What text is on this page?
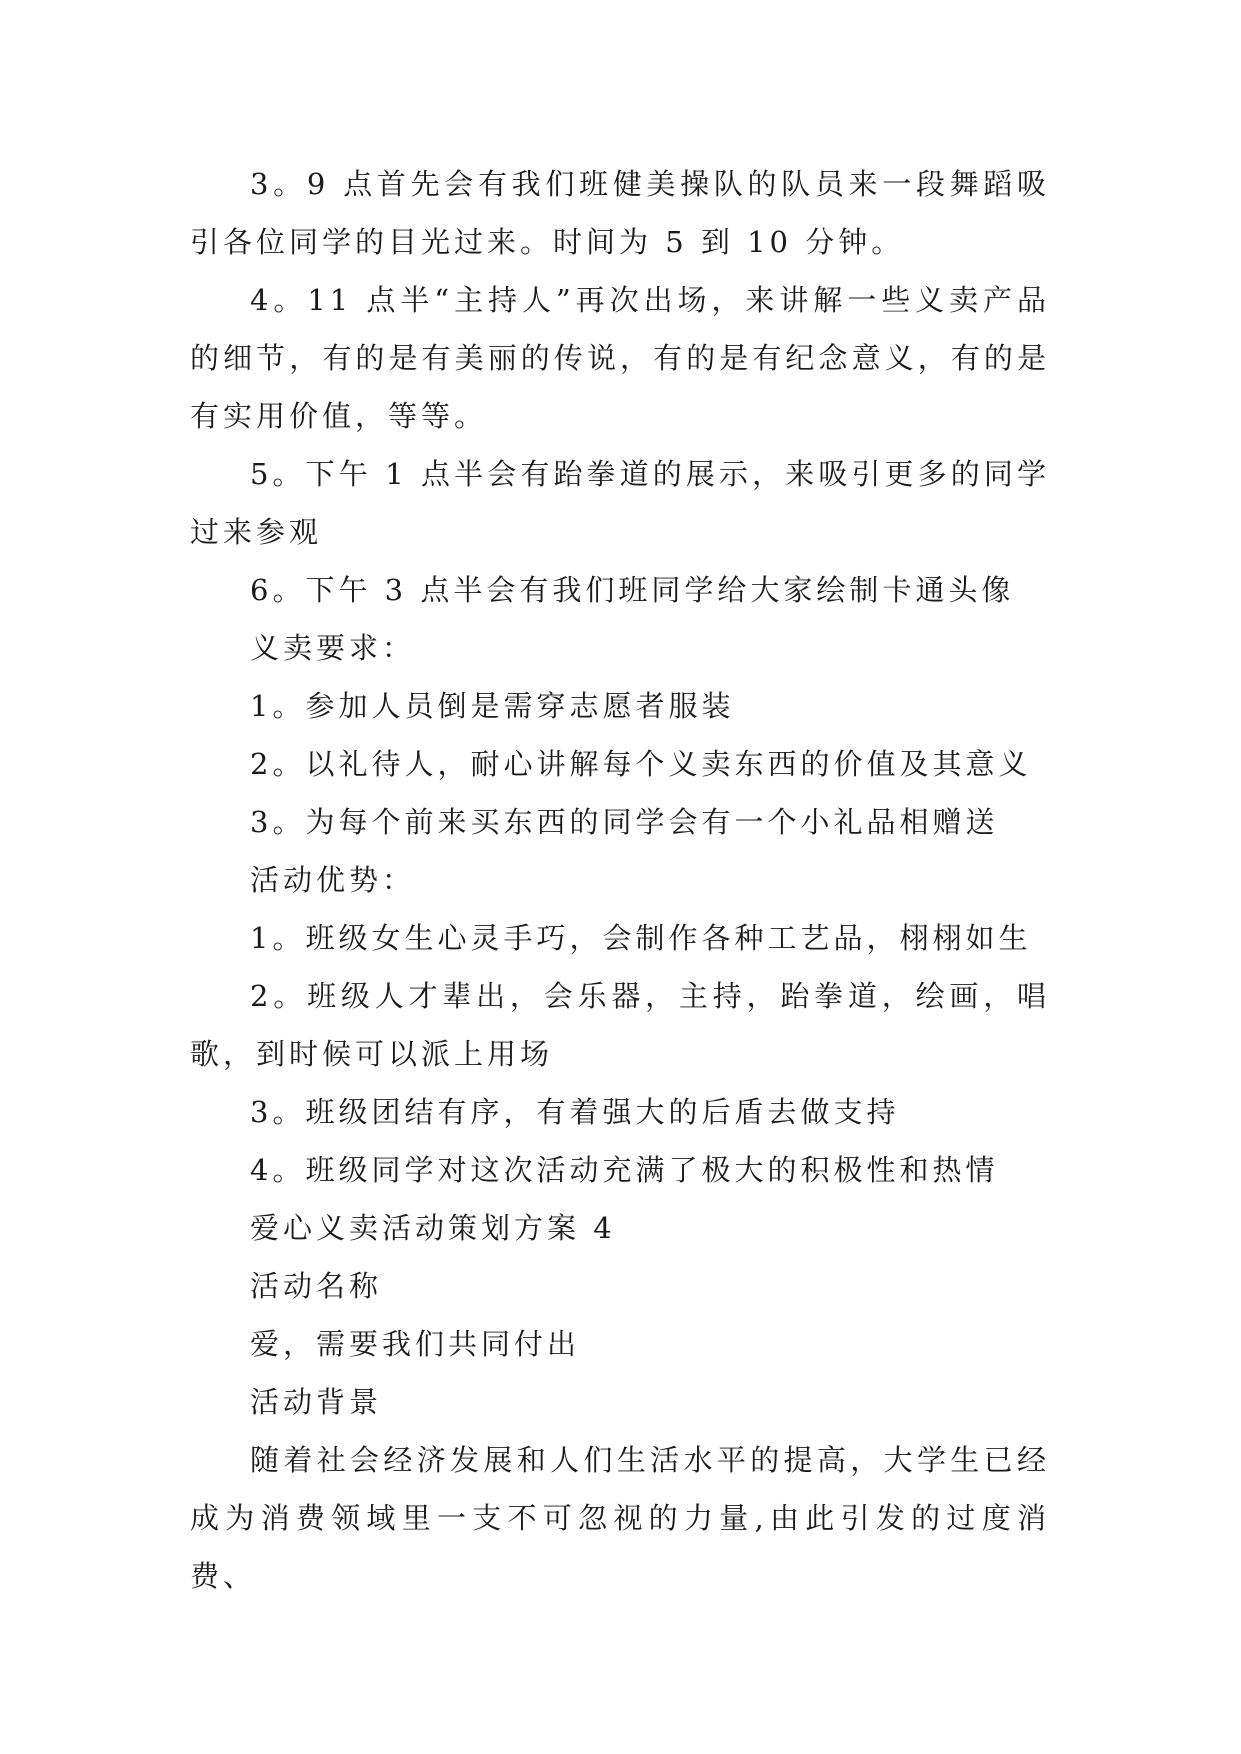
3。9 点首先会有我们班健美操队的队员来一段舞蹈吸引各位同学的目光过来。时间为 5 到 10 分钟。

4。11 点半“主持人”再次出场，来讲解一些义卖产品的细节，有的是有美丽的传说，有的是有纪念意义，有的是有实用价值，等等。

5。下午 1 点半会有跆拳道的展示，来吸引更多的同学过来参观

6。下午 3 点半会有我们班同学给大家绘制卡通头像

义卖要求：

1。参加人员倒是需穿志愿者服装

2。以礼待人，耐心讲解每个义卖东西的价值及其意义

3。为每个前来买东西的同学会有一个小礼品相赠送

活动优势：

1。班级女生心灵手巧，会制作各种工艺品，栩栩如生

2。班级人才辈出，会乐器，主持，跆拳道，绘画，唱歌，到时候可以派上用场

3。班级团结有序，有着强大的后盾去做支持

4。班级同学对这次活动充满了极大的积极性和热情

爱心义卖活动策划方案 4

活动名称

爱，需要我们共同付出

活动背景

随着社会经济发展和人们生活水平的提高，大学生已经成为消费领域里一支不可忽视的力量,由此引发的过度消费、
